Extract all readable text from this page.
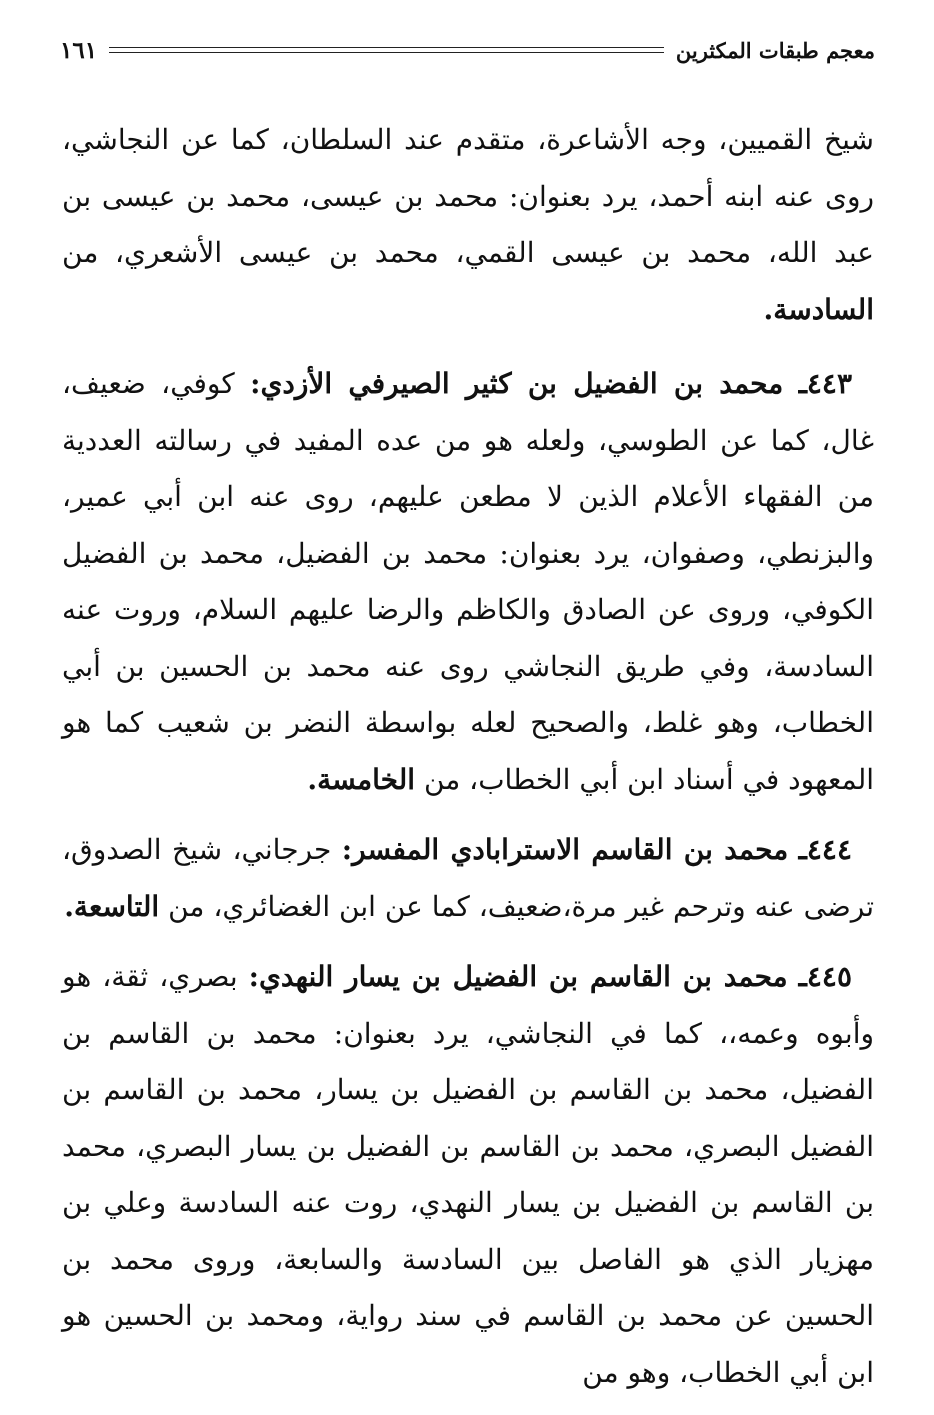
١٦١	معجم طبقات المكثرين

شيخ القميين، وجه الأشاعرة، متقدم عند السلطان، كما عن النجاشي، روى عنه ابنه أحمد، يرد بعنوان: محمد بن عيسى، محمد بن عيسى بن عبد الله، محمد بن عيسى القمي، محمد بن عيسى الأشعري، من السادسة.

٤٤٣ـ محمد بن الفضيل بن كثير الصيرفي الأزدي: كوفي، ضعيف، غال، كما عن الطوسي، ولعله هو من عده المفيد في رسالته العددية من الفقهاء الأعلام الذين لا مطعن عليهم، روى عنه ابن أبي عمير، والبزنطي، وصفوان، يرد بعنوان: محمد بن الفضيل، محمد بن الفضيل الكوفي، وروى عن الصادق والكاظم والرضا عليهم السلام، وروت عنه السادسة، وفي طريق النجاشي روى عنه محمد بن الحسين بن أبي الخطاب، وهو غلط، والصحيح لعله بواسطة النضر بن شعيب كما هو المعهود في أسناد ابن أبي الخطاب، من الخامسة.

٤٤٤ـ محمد بن القاسم الاسترابادي المفسر: جرجاني، شيخ الصدوق، ترضى عنه وترحم غير مرة،ضعيف، كما عن ابن الغضائري، من التاسعة.

٤٤٥ـ محمد بن القاسم بن الفضيل بن يسار النهدي: بصري، ثقة، هو وأبوه وعمه،، كما في النجاشي، يرد بعنوان: محمد بن القاسم بن الفضيل، محمد بن القاسم بن الفضيل بن يسار، محمد بن القاسم بن الفضيل البصري، محمد بن القاسم بن الفضيل بن يسار البصري، محمد بن القاسم بن الفضيل بن يسار النهدي، روت عنه السادسة وعلي بن مهزيار الذي هو الفاصل بين السادسة والسابعة، وروى محمد بن الحسين عن محمد بن القاسم في سند رواية، ومحمد بن الحسين هو ابن أبي الخطاب، وهو من
